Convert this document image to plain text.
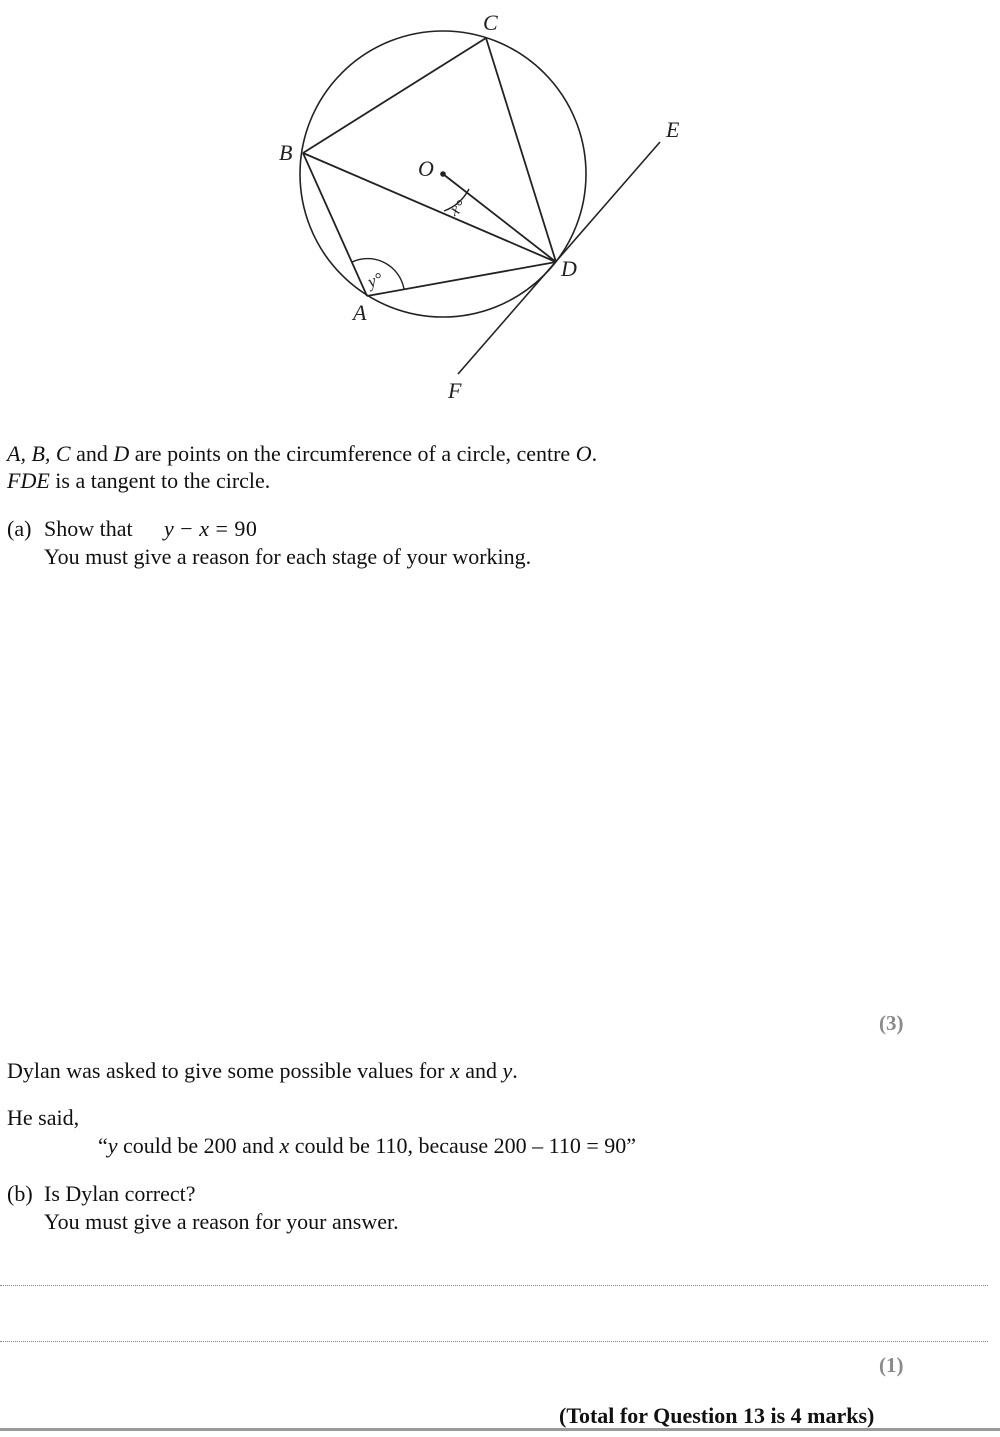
C
B
O
E
D
A
F
x°
y°
A, B, C and D are points on the circumference of a circle, centre O.
FDE is a tangent to the circle.
(a) Show that y − x = 90
You must give a reason for each stage of your working.
(3)
Dylan was asked to give some possible values for x and y.
He said,
“y could be 200 and x could be 110, because 200 – 110 = 90”
(b) Is Dylan correct?
You must give a reason for your answer.
(1)
(Total for Question 13 is 4 marks)
